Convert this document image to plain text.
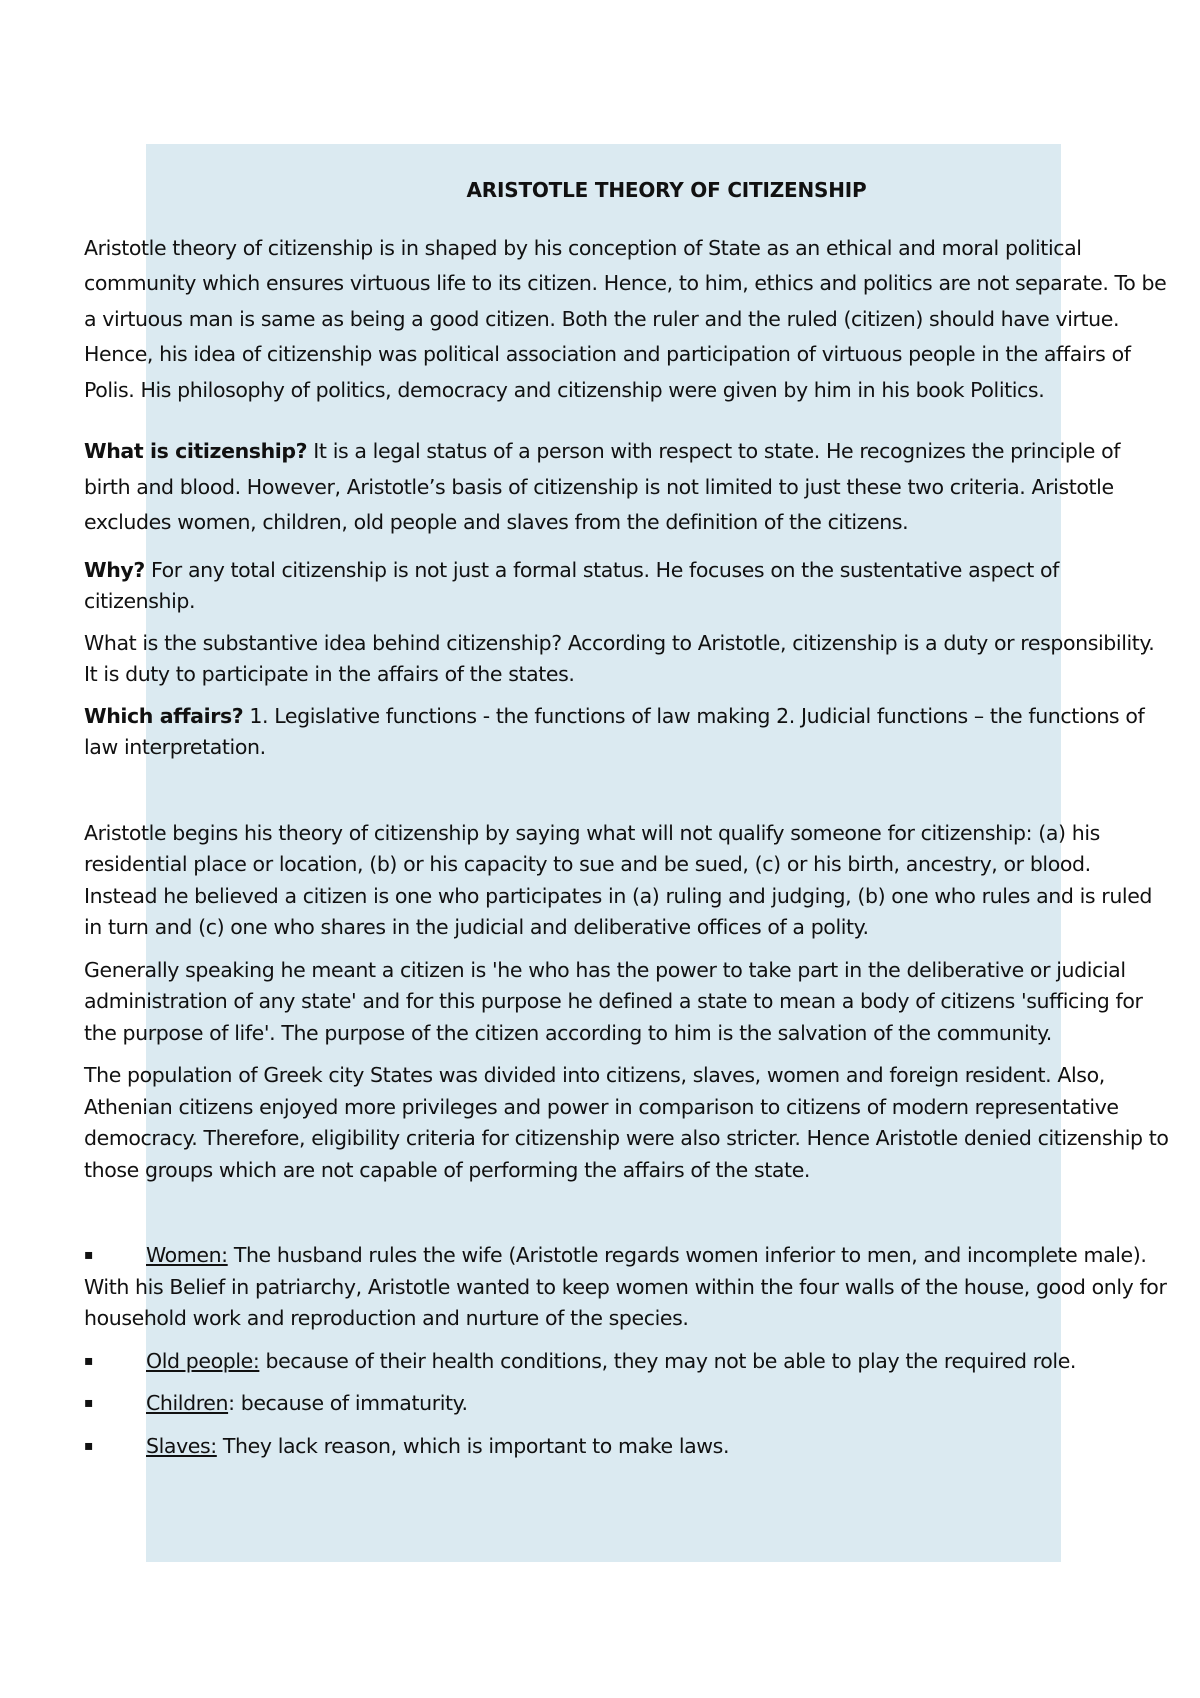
ARISTOTLE THEORY OF CITIZENSHIP

Aristotle theory of citizenship is in shaped by his conception of State as an ethical and moral political community which ensures virtuous life to its citizen. Hence, to him, ethics and politics are not separate. To be a virtuous man is same as being a good citizen. Both the ruler and the ruled (citizen) should have virtue. Hence, his idea of citizenship was political association and participation of virtuous people in the affairs of Polis. His philosophy of politics, democracy and citizenship were given by him in his book Politics.

What is citizenship? It is a legal status of a person with respect to state. He recognizes the principle of birth and blood. However, Aristotle’s basis of citizenship is not limited to just these two criteria. Aristotle excludes women, children, old people and slaves from the definition of the citizens.

Why? For any total citizenship is not just a formal status. He focuses on the sustentative aspect of citizenship.

What is the substantive idea behind citizenship? According to Aristotle, citizenship is a duty or responsibility. It is duty to participate in the affairs of the states.

Which affairs? 1. Legislative functions - the functions of law making 2. Judicial functions – the functions of law interpretation.

Aristotle begins his theory of citizenship by saying what will not qualify someone for citizenship: (a) his residential place or location, (b) or his capacity to sue and be sued, (c) or his birth, ancestry, or blood. Instead he believed a citizen is one who participates in (a) ruling and judging, (b) one who rules and is ruled in turn and (c) one who shares in the judicial and deliberative offices of a polity.

Generally speaking he meant a citizen is 'he who has the power to take part in the deliberative or judicial administration of any state' and for this purpose he defined a state to mean a body of citizens 'sufficing for the purpose of life'. The purpose of the citizen according to him is the salvation of the community.

The population of Greek city States was divided into citizens, slaves, women and foreign resident. Also, Athenian citizens enjoyed more privileges and power in comparison to citizens of modern representative democracy. Therefore, eligibility criteria for citizenship were also stricter. Hence Aristotle denied citizenship to those groups which are not capable of performing the affairs of the state.

▪	Women: The husband rules the wife (Aristotle regards women inferior to men, and incomplete male). With his Belief in patriarchy, Aristotle wanted to keep women within the four walls of the house, good only for household work and reproduction and nurture of the species.

▪	Old people: because of their health conditions, they may not be able to play the required role.

▪	Children: because of immaturity.

▪	Slaves: They lack reason, which is important to make laws.
